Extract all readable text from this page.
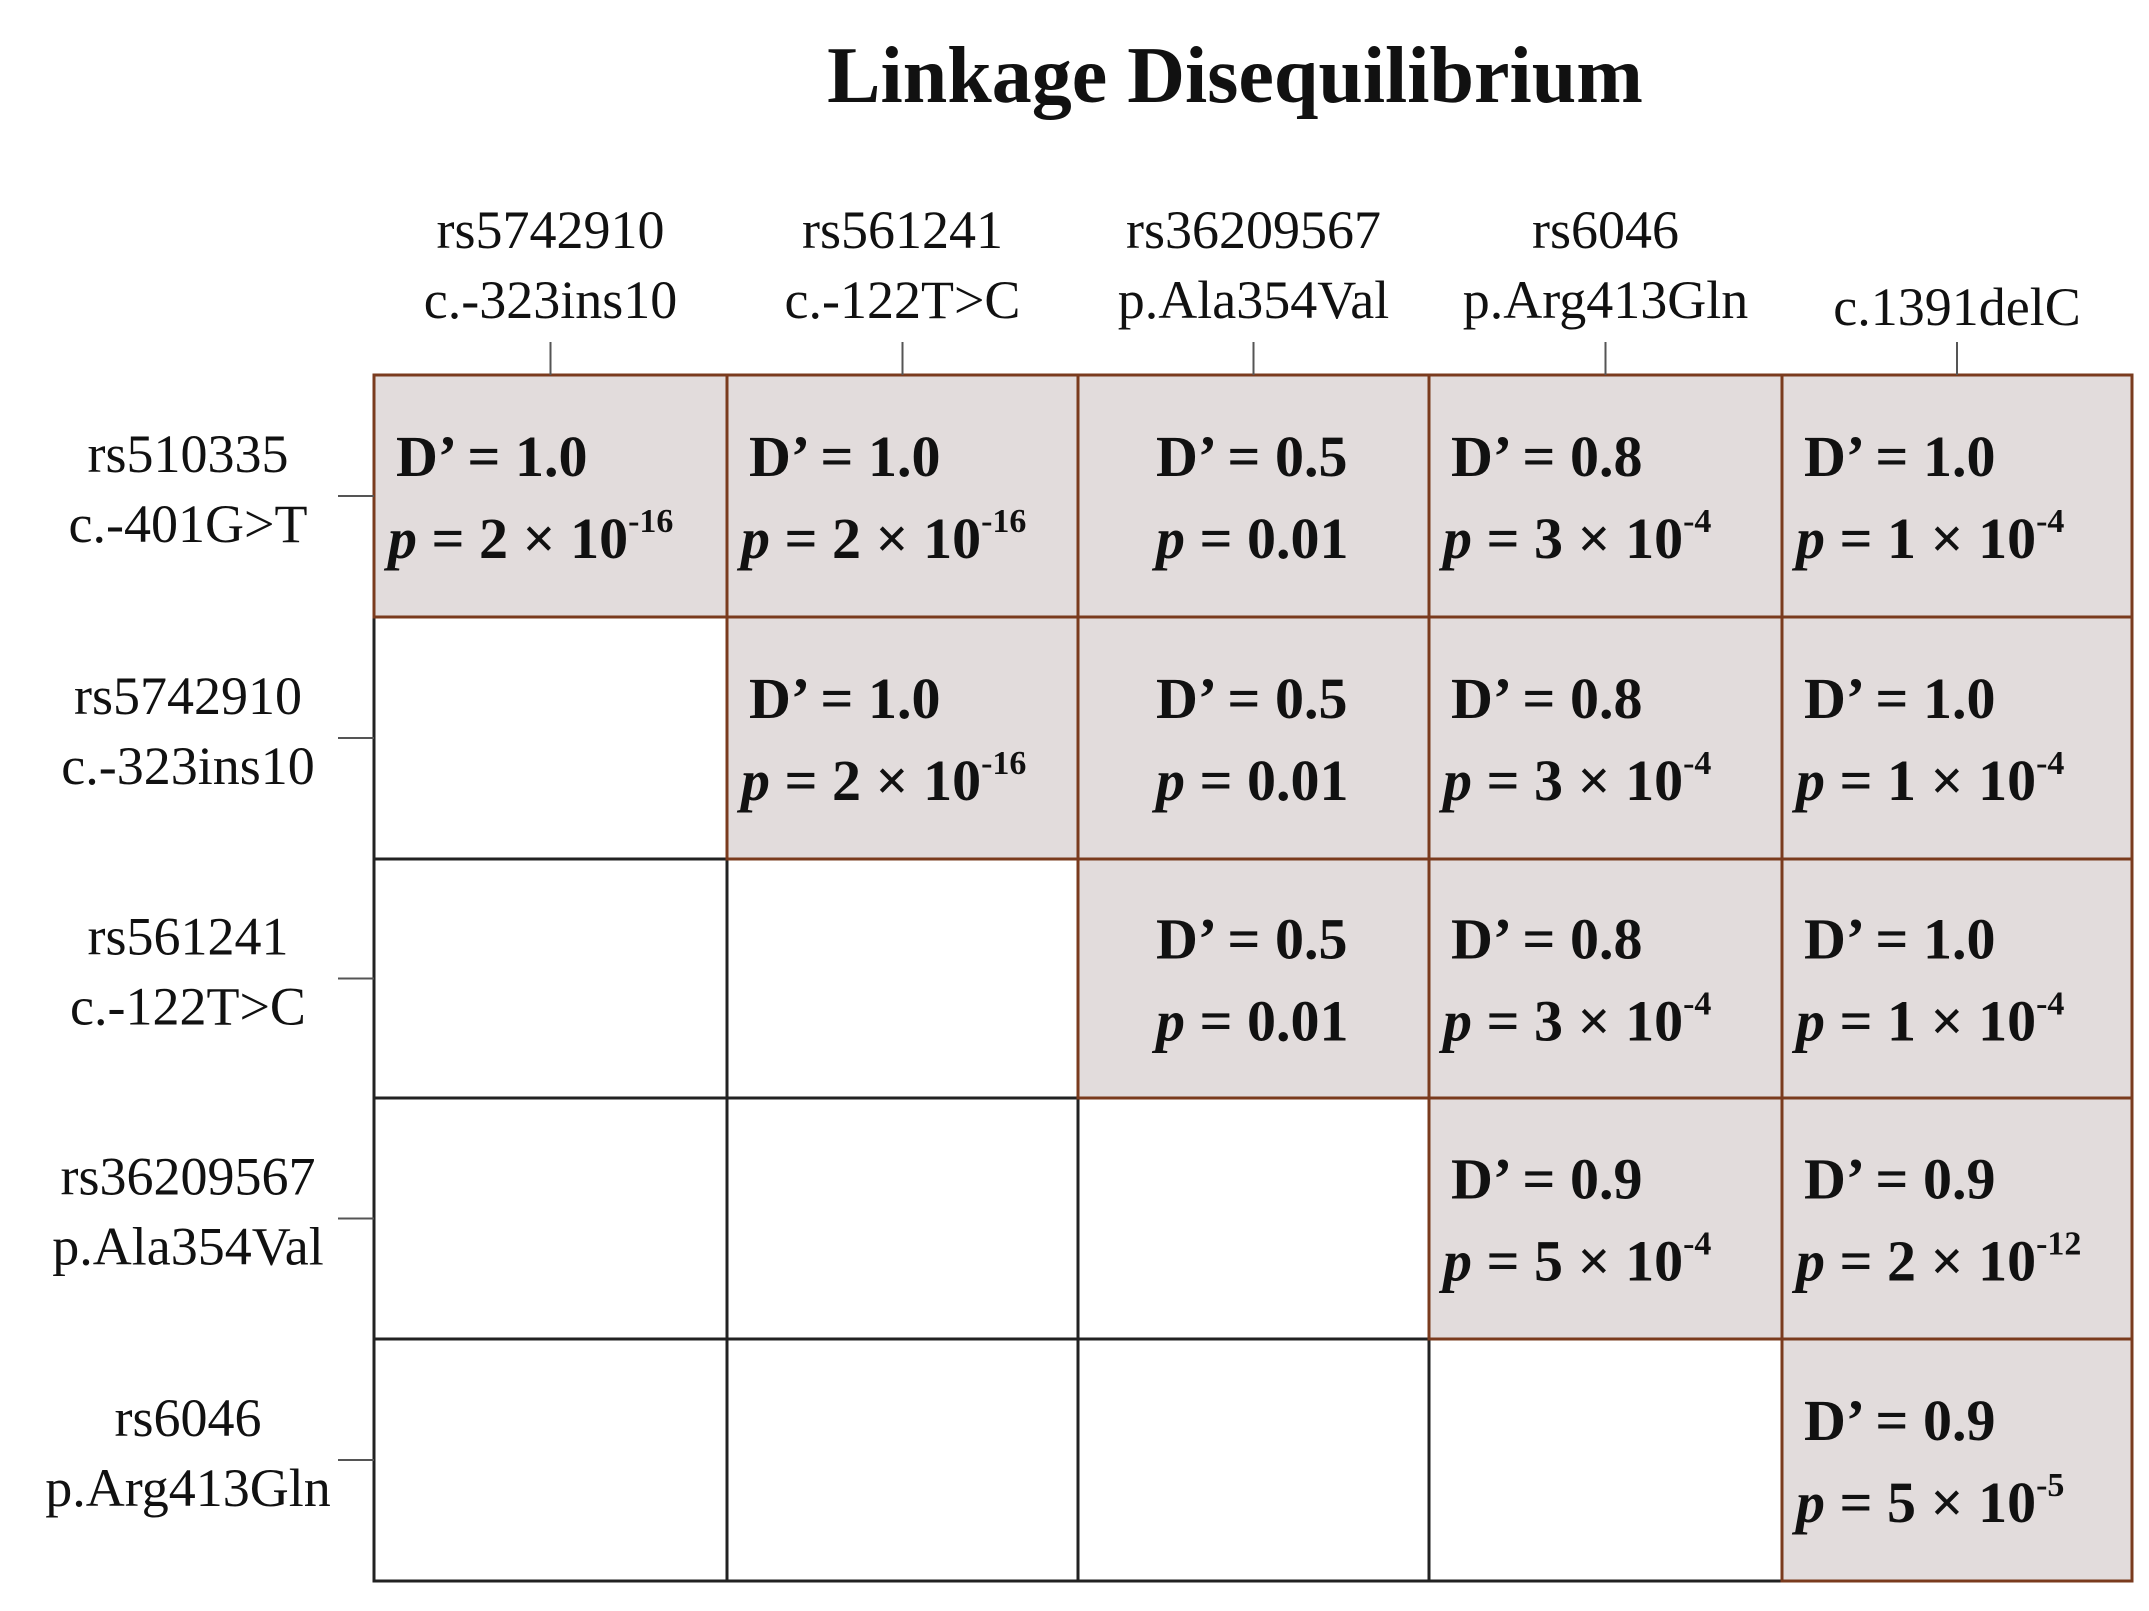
Linkage Disequilibrium
rs5742910 c.-323ins10
rs561241 c.-122T>C
rs36209567 p.Ala354Val
rs6046 p.Arg413Gln c.1391delC
rs510335 c.-401G>T
rs5742910 c.-323ins10
rs561241 c.-122T>C
rs36209567 p.Ala354Val
rs6046 p.Arg413Gln
D’ = 1.0
$p = 2 \times 10^{-16}$
D’ = 1.0
$p = 2 \times 10^{-16}$
D’ = 0.5
p = 0.01
D’ = 0.8
$p = 3 \times 10^{-4}$
D’ = 1.0
$p = 1 \times 10^{-4}$
D’ = 1.0
$p = 2 \times 10^{-16}$
D’ = 0.5
p = 0.01
D’ = 0.8
$p = 3 \times 10^{-4}$
D’ = 1.0
$p = 1 \times 10^{-4}$
D’ = 0.5
p = 0.01
D’ = 0.8
$p = 3 \times 10^{-4}$
D’ = 1.0
$p = 1 \times 10^{-4}$
D’ = 0.9
$p = 5 \times 10^{-4}$
D’ = 0.9
$p = 2 \times 10^{-12}$
D’ = 0.9
$p = 5 \times 10^{-5}$
